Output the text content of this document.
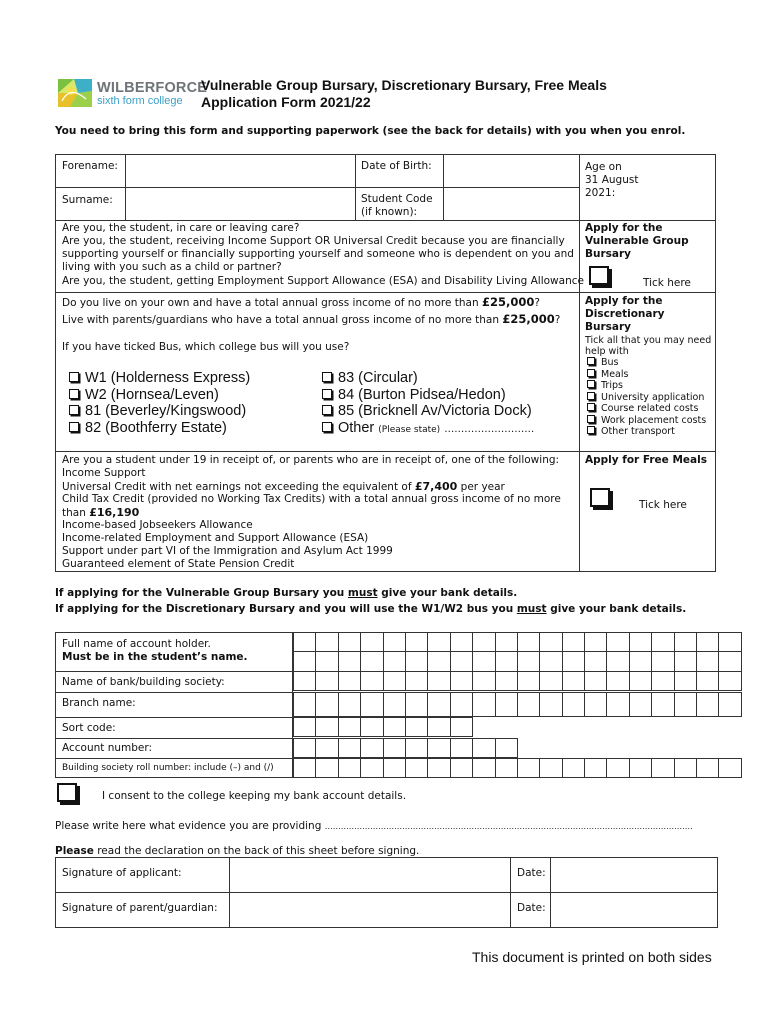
WILBERFORCE
sixth form college
Vulnerable Group Bursary, Discretionary Bursary, Free Meals
Application Form 2021/22
You need to bring this form and supporting paperwork (see the back for details) with you when you enrol.
Forename:	Date of Birth:	Age on
31 August
2021:
Surname:	Student Code
(if known):
Are you, the student, in care or leaving care?
Are you, the student, receiving Income Support OR Universal Credit because you are financially
supporting yourself or financially supporting yourself and someone who is dependent on you and
living with you such as a child or partner?
Are you, the student, getting Employment Support Allowance (ESA) and Disability Living Allowance
Apply for the
Vulnerable Group
Bursary
Tick here
Do you live on your own and have a total annual gross income of no more than £25,000?
Live with parents/guardians who have a total annual gross income of no more than £25,000?
If you have ticked Bus, which college bus will you use?
W1 (Holderness Express)
W2 (Hornsea/Leven)
81 (Beverley/Kingswood)
82 (Boothferry Estate)
83 (Circular)
84 (Burton Pidsea/Hedon)
85 (Bricknell Av/Victoria Dock)
Other (Please state) ………………………
Apply for the
Discretionary
Bursary
Tick all that you may need
help with
Bus
Meals
Trips
University application
Course related costs
Work placement costs
Other transport
Are you a student under 19 in receipt of, or parents who are in receipt of, one of the following:
Income Support
Universal Credit with net earnings not exceeding the equivalent of £7,400 per year
Child Tax Credit (provided no Working Tax Credits) with a total annual gross income of no more
than £16,190
Income-based Jobseekers Allowance
Income-related Employment and Support Allowance (ESA)
Support under part VI of the Immigration and Asylum Act 1999
Guaranteed element of State Pension Credit
Apply for Free Meals
Tick here
If applying for the Vulnerable Group Bursary you must give your bank details.
If applying for the Discretionary Bursary and you will use the W1/W2 bus you must give your bank details.
Full name of account holder.
Must be in the student’s name.
Name of bank/building society:
Branch name:
Sort code:
Account number:
Building society roll number: include (–) and (/)

I consent to the college keeping my bank account details.
Please write here what evidence you are providing …………………………………………………………………………………………………………………………
Please read the declaration on the back of this sheet before signing.
Signature of applicant:	Date:
Signature of parent/guardian:	Date:
This document is printed on both sides
